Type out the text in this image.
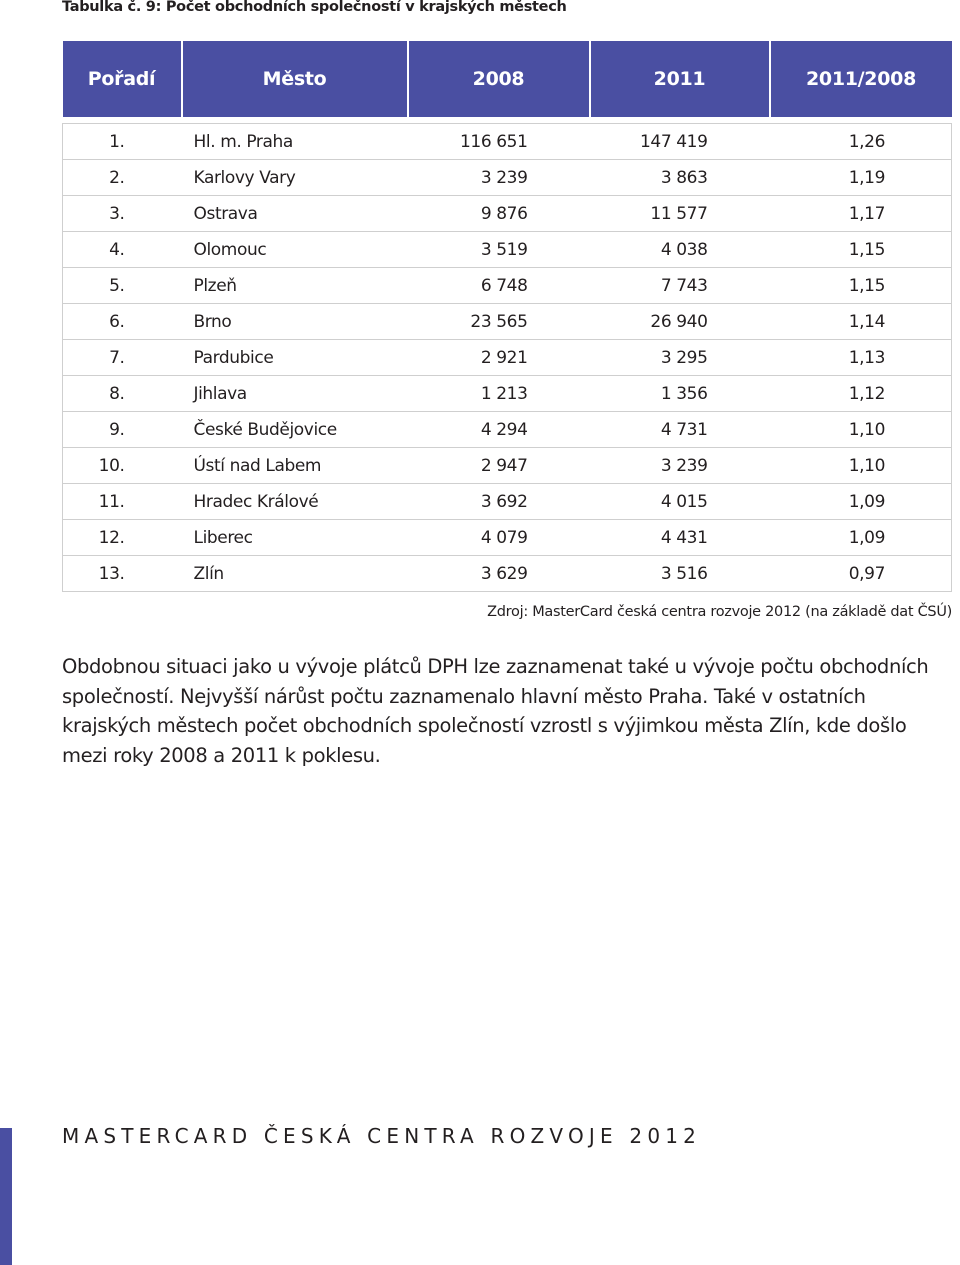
Tabulka č. 9: Počet obchodních společností v krajských městech
Pořadí	Město	2008	2011	2011/2008

1.	Hl. m. Praha	116 651	147 419	1,26
2.	Karlovy Vary	3 239	3 863	1,19
3.	Ostrava	9 876	11 577	1,17
4.	Olomouc	3 519	4 038	1,15
5.	Plzeň	6 748	7 743	1,15
6.	Brno	23 565	26 940	1,14
7.	Pardubice	2 921	3 295	1,13
8.	Jihlava	1 213	1 356	1,12
9.	České Budějovice	4 294	4 731	1,10
10.	Ústí nad Labem	2 947	3 239	1,10
11.	Hradec Králové	3 692	4 015	1,09
12.	Liberec	4 079	4 431	1,09
13.	Zlín	3 629	3 516	0,97
Zdroj: MasterCard česká centra rozvoje 2012 (na základě dat ČSÚ)

Obdobnou situaci jako u vývoje plátců DPH lze zaznamenat také u vývoje počtu obchodních společností. Nejvyšší nárůst počtu zaznamenalo hlavní město Praha. Také v ostatních krajských městech počet obchodních společností vzrostl s výjimkou města Zlín, kde došlo mezi roky 2008 a 2011 k poklesu.

MASTERCARD ČESKÁ CENTRA ROZVOJE 2012
